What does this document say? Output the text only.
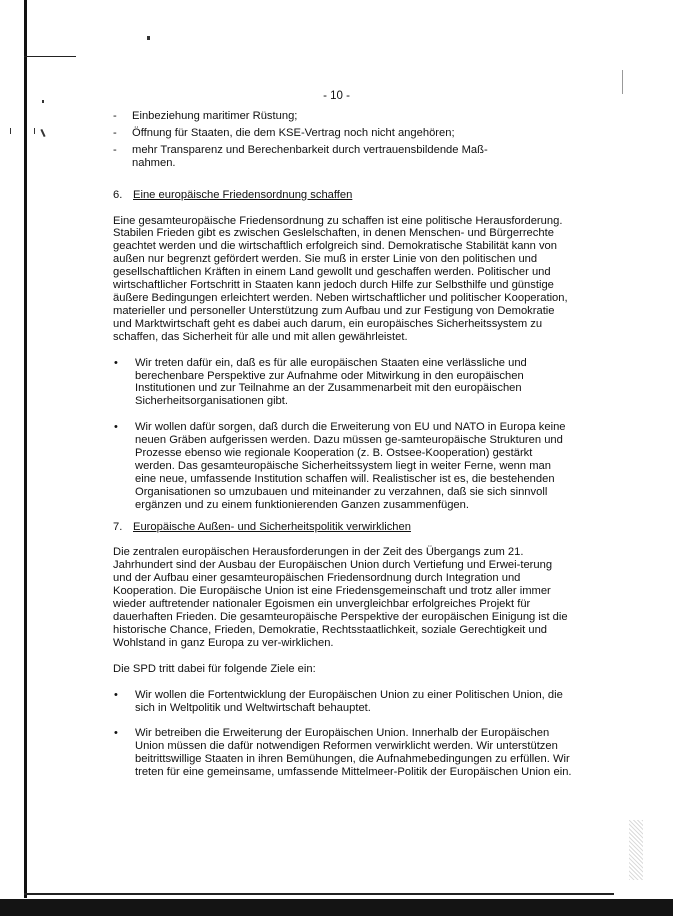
- 10 -
- Einbeziehung maritimer Rüstung;
- Öffnung für Staaten, die dem KSE-Vertrag noch nicht angehören;
- mehr Transparenz und Berechenbarkeit durch vertrauensbildende Maß-nahmen.
6. Eine europäische Friedensordnung schaffen

Eine gesamteuropäische Friedensordnung zu schaffen ist eine politische Herausforderung. Stabilen Frieden gibt es zwischen Geslelschaften, in denen Menschen- und Bürgerrechte geachtet werden und die wirtschaftlich erfolgreich sind. Demokratische Stabilität kann von außen nur begrenzt gefördert werden. Sie muß in erster Linie von den politischen und gesellschaftlichen Kräften in einem Land gewollt und geschaffen werden. Politischer und wirtschaftlicher Fortschritt in Staaten kann jedoch durch Hilfe zur Selbsthilfe und günstige äußere Bedingungen erleichtert werden. Neben wirtschaftlicher und politischer Kooperation, materieller und personeller Unterstützung zum Aufbau und zur Festigung von Demokratie und Marktwirtschaft geht es dabei auch darum, ein europäisches Sicherheitssystem zu schaffen, das Sicherheit für alle und mit allen gewährleistet.

• Wir treten dafür ein, daß es für alle europäischen Staaten eine verlässliche und berechenbare Perspektive zur Aufnahme oder Mitwirkung in den europäischen Institutionen und zur Teilnahme an der Zusammenarbeit mit den europäischen Sicherheitsorganisationen gibt.
• Wir wollen dafür sorgen, daß durch die Erweiterung von EU und NATO in Europa keine neuen Gräben aufgerissen werden. Dazu müssen ge-samteuropäische Strukturen und Prozesse ebenso wie regionale Kooperation (z. B. Ostsee-Kooperation) gestärkt werden. Das gesamteuropäische Sicherheitssystem liegt in weiter Ferne, wenn man eine neue, umfassende Institution schaffen will. Realistischer ist es, die bestehenden Organisationen so umzubauen und miteinander zu verzahnen, daß sie sich sinnvoll ergänzen und zu einem funktionierenden Ganzen zusammenfügen.
7. Europäische Außen- und Sicherheitspolitik verwirklichen

Die zentralen europäischen Herausforderungen in der Zeit des Übergangs zum 21. Jahrhundert sind der Ausbau der Europäischen Union durch Vertiefung und Erwei-terung und der Aufbau einer gesamteuropäischen Friedensordnung durch Integration und Kooperation. Die Europäische Union ist eine Friedensgemeinschaft und trotz aller immer wieder auftretender nationaler Egoismen ein unvergleichbar erfolgreiches Projekt für dauerhaften Frieden. Die gesamteuropäische Perspektive der europäischen Einigung ist die historische Chance, Frieden, Demokratie, Rechtsstaatlichkeit, soziale Gerechtigkeit und Wohlstand in ganz Europa zu ver-wirklichen.

Die SPD tritt dabei für folgende Ziele ein:

• Wir wollen die Fortentwicklung der Europäischen Union zu einer Politischen Union, die sich in Weltpolitik und Weltwirtschaft behauptet.
• Wir betreiben die Erweiterung der Europäischen Union. Innerhalb der Europäischen Union müssen die dafür notwendigen Reformen verwirklicht werden. Wir unterstützen beitrittswillige Staaten in ihren Bemühungen, die Aufnahmebedingungen zu erfüllen. Wir treten für eine gemeinsame, umfassende Mittelmeer-Politik der Europäischen Union ein.
